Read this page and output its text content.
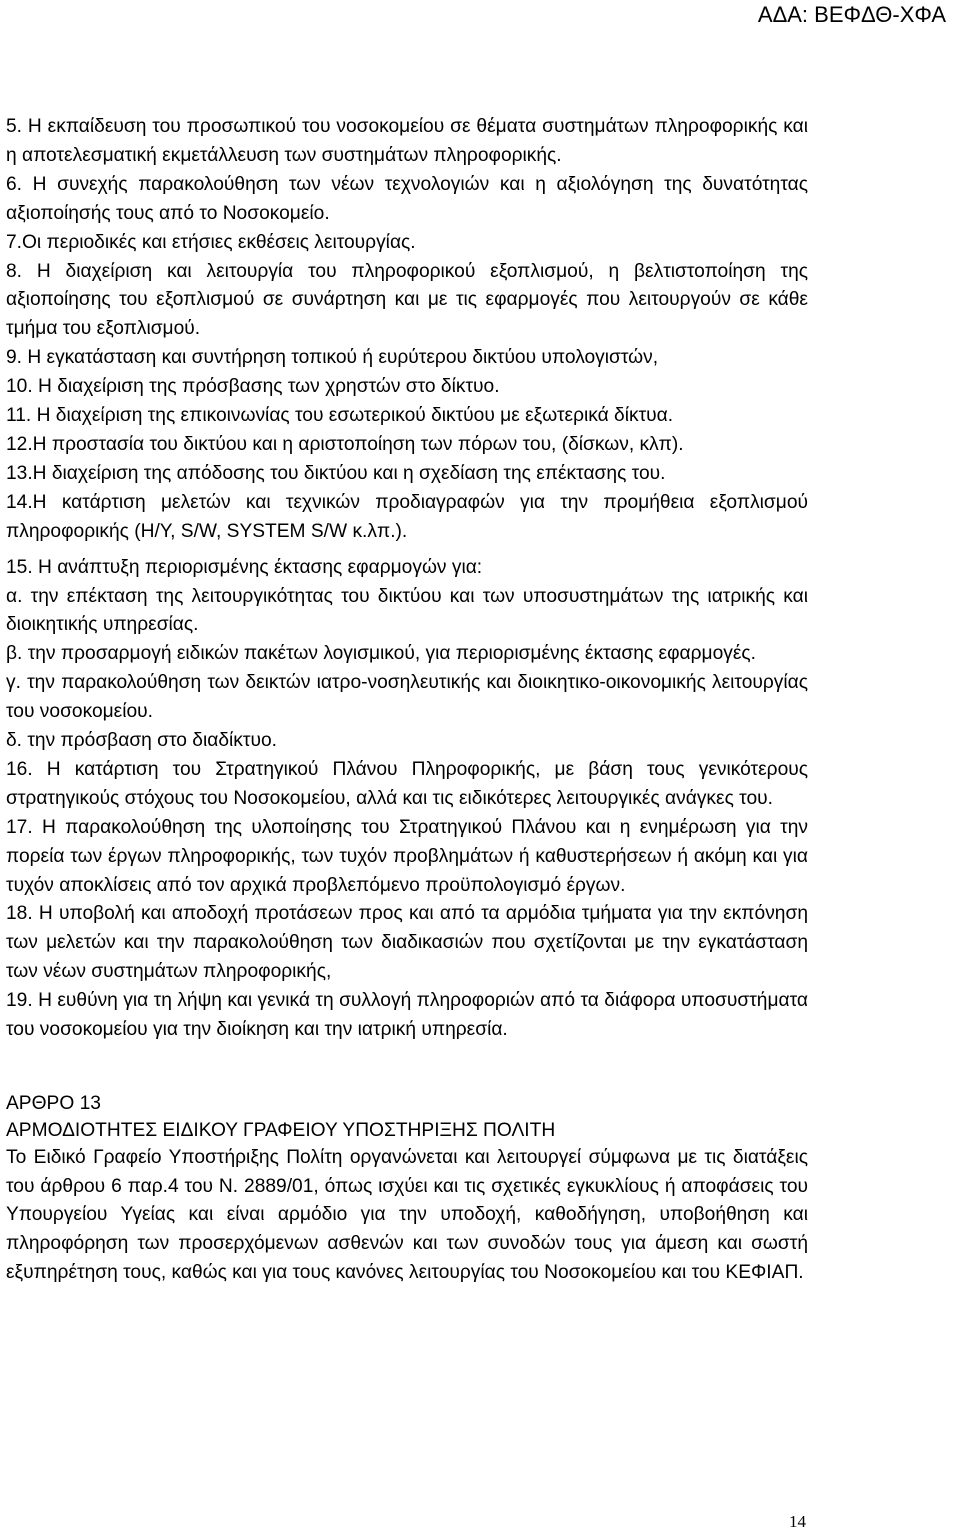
ΑΔΑ: ΒΕΦΔΘ-ΧΦΑ

5. Η εκπαίδευση του προσωπικού του νοσοκομείου σε θέματα συστημάτων πληροφορικής και η αποτελεσματική εκμετάλλευση των συστημάτων πληροφορικής.

6. Η συνεχής παρακολούθηση των νέων τεχνολογιών και η αξιολόγηση της δυνατότητας αξιοποίησής τους από το Νοσοκομείο.

7.Οι περιοδικές και ετήσιες εκθέσεις λειτουργίας.

8. Η διαχείριση και λειτουργία του πληροφορικού εξοπλισμού, η βελτιστοποίηση της αξιοποίησης του εξοπλισμού σε συνάρτηση και με τις εφαρμογές που λειτουργούν σε κάθε τμήμα του εξοπλισμού.

9. Η εγκατάσταση και συντήρηση τοπικού ή ευρύτερου δικτύου υπολογιστών,

10. Η διαχείριση της πρόσβασης των χρηστών στο δίκτυο.

11. Η διαχείριση της επικοινωνίας του εσωτερικού δικτύου με εξωτερικά δίκτυα.

12.Η προστασία του δικτύου και η αριστοποίηση των πόρων του, (δίσκων, κλπ).

13.Η διαχείριση της απόδοσης του δικτύου και η σχεδίαση της επέκτασης του.

14.Η κατάρτιση μελετών και τεχνικών προδιαγραφών για την προμήθεια εξοπλισμού πληροφορικής (Η/Υ, S/W, SYSTEM S/W κ.λπ.).

15. Η ανάπτυξη περιορισμένης έκτασης εφαρμογών για:

α. την επέκταση της λειτουργικότητας του δικτύου και των υποσυστημάτων της ιατρικής και διοικητικής υπηρεσίας.

β. την προσαρμογή ειδικών πακέτων λογισμικού, για περιορισμένης έκτασης εφαρμογές.

γ. την παρακολούθηση των δεικτών ιατρο-νοσηλευτικής και διοικητικο-οικονομικής λειτουργίας του νοσοκομείου.

δ. την πρόσβαση στο διαδίκτυο.

16. Η κατάρτιση του Στρατηγικού Πλάνου Πληροφορικής, με βάση τους γενικότερους στρατηγικούς στόχους του Νοσοκομείου, αλλά και τις ειδικότερες λειτουργικές ανάγκες του.

17. Η παρακολούθηση της υλοποίησης του Στρατηγικού Πλάνου και η ενημέρωση για την πορεία των έργων πληροφορικής, των τυχόν προβλημάτων ή καθυστερήσεων ή ακόμη και για τυχόν αποκλίσεις από τον αρχικά προβλεπόμενο προϋπολογισμό έργων.

18. Η υποβολή και αποδοχή προτάσεων προς και από τα αρμόδια τμήματα για την εκπόνηση των μελετών και την παρακολούθηση των διαδικασιών που σχετίζονται με την εγκατάσταση των νέων συστημάτων πληροφορικής,

19. Η ευθύνη για τη λήψη και γενικά τη συλλογή πληροφοριών από τα διάφορα υποσυστήματα του νοσοκομείου για την διοίκηση και την ιατρική υπηρεσία.

ΑΡΘΡΟ 13

ΑΡΜΟΔΙΟΤΗΤΕΣ ΕΙΔΙΚΟΥ ΓΡΑΦΕΙΟΥ ΥΠΟΣΤΗΡΙΞΗΣ ΠΟΛΙΤΗ

Το Ειδικό Γραφείο Υποστήριξης Πολίτη οργανώνεται και λειτουργεί σύμφωνα με τις διατάξεις του άρθρου 6 παρ.4 του Ν. 2889/01, όπως ισχύει και τις σχετικές εγκυκλίους ή αποφάσεις του Υπουργείου Υγείας και είναι αρμόδιο για την υποδοχή, καθοδήγηση, υποβοήθηση και πληροφόρηση των προσερχόμενων ασθενών και των συνοδών τους για άμεση και σωστή εξυπηρέτηση τους, καθώς και για τους κανόνες λειτουργίας του Νοσοκομείου και του ΚΕΦΙΑΠ.

14
